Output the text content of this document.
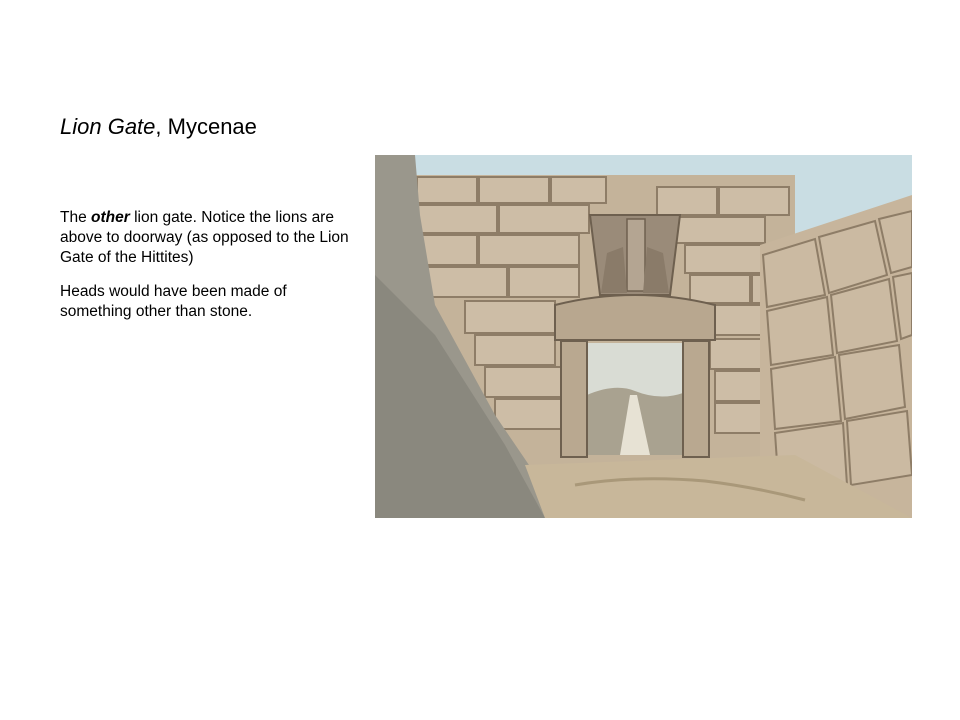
Lion Gate, Mycenae

The other lion gate. Notice the lions are above to doorway (as opposed to the Lion Gate of the Hittites)

Heads would have been made of something other than stone.
